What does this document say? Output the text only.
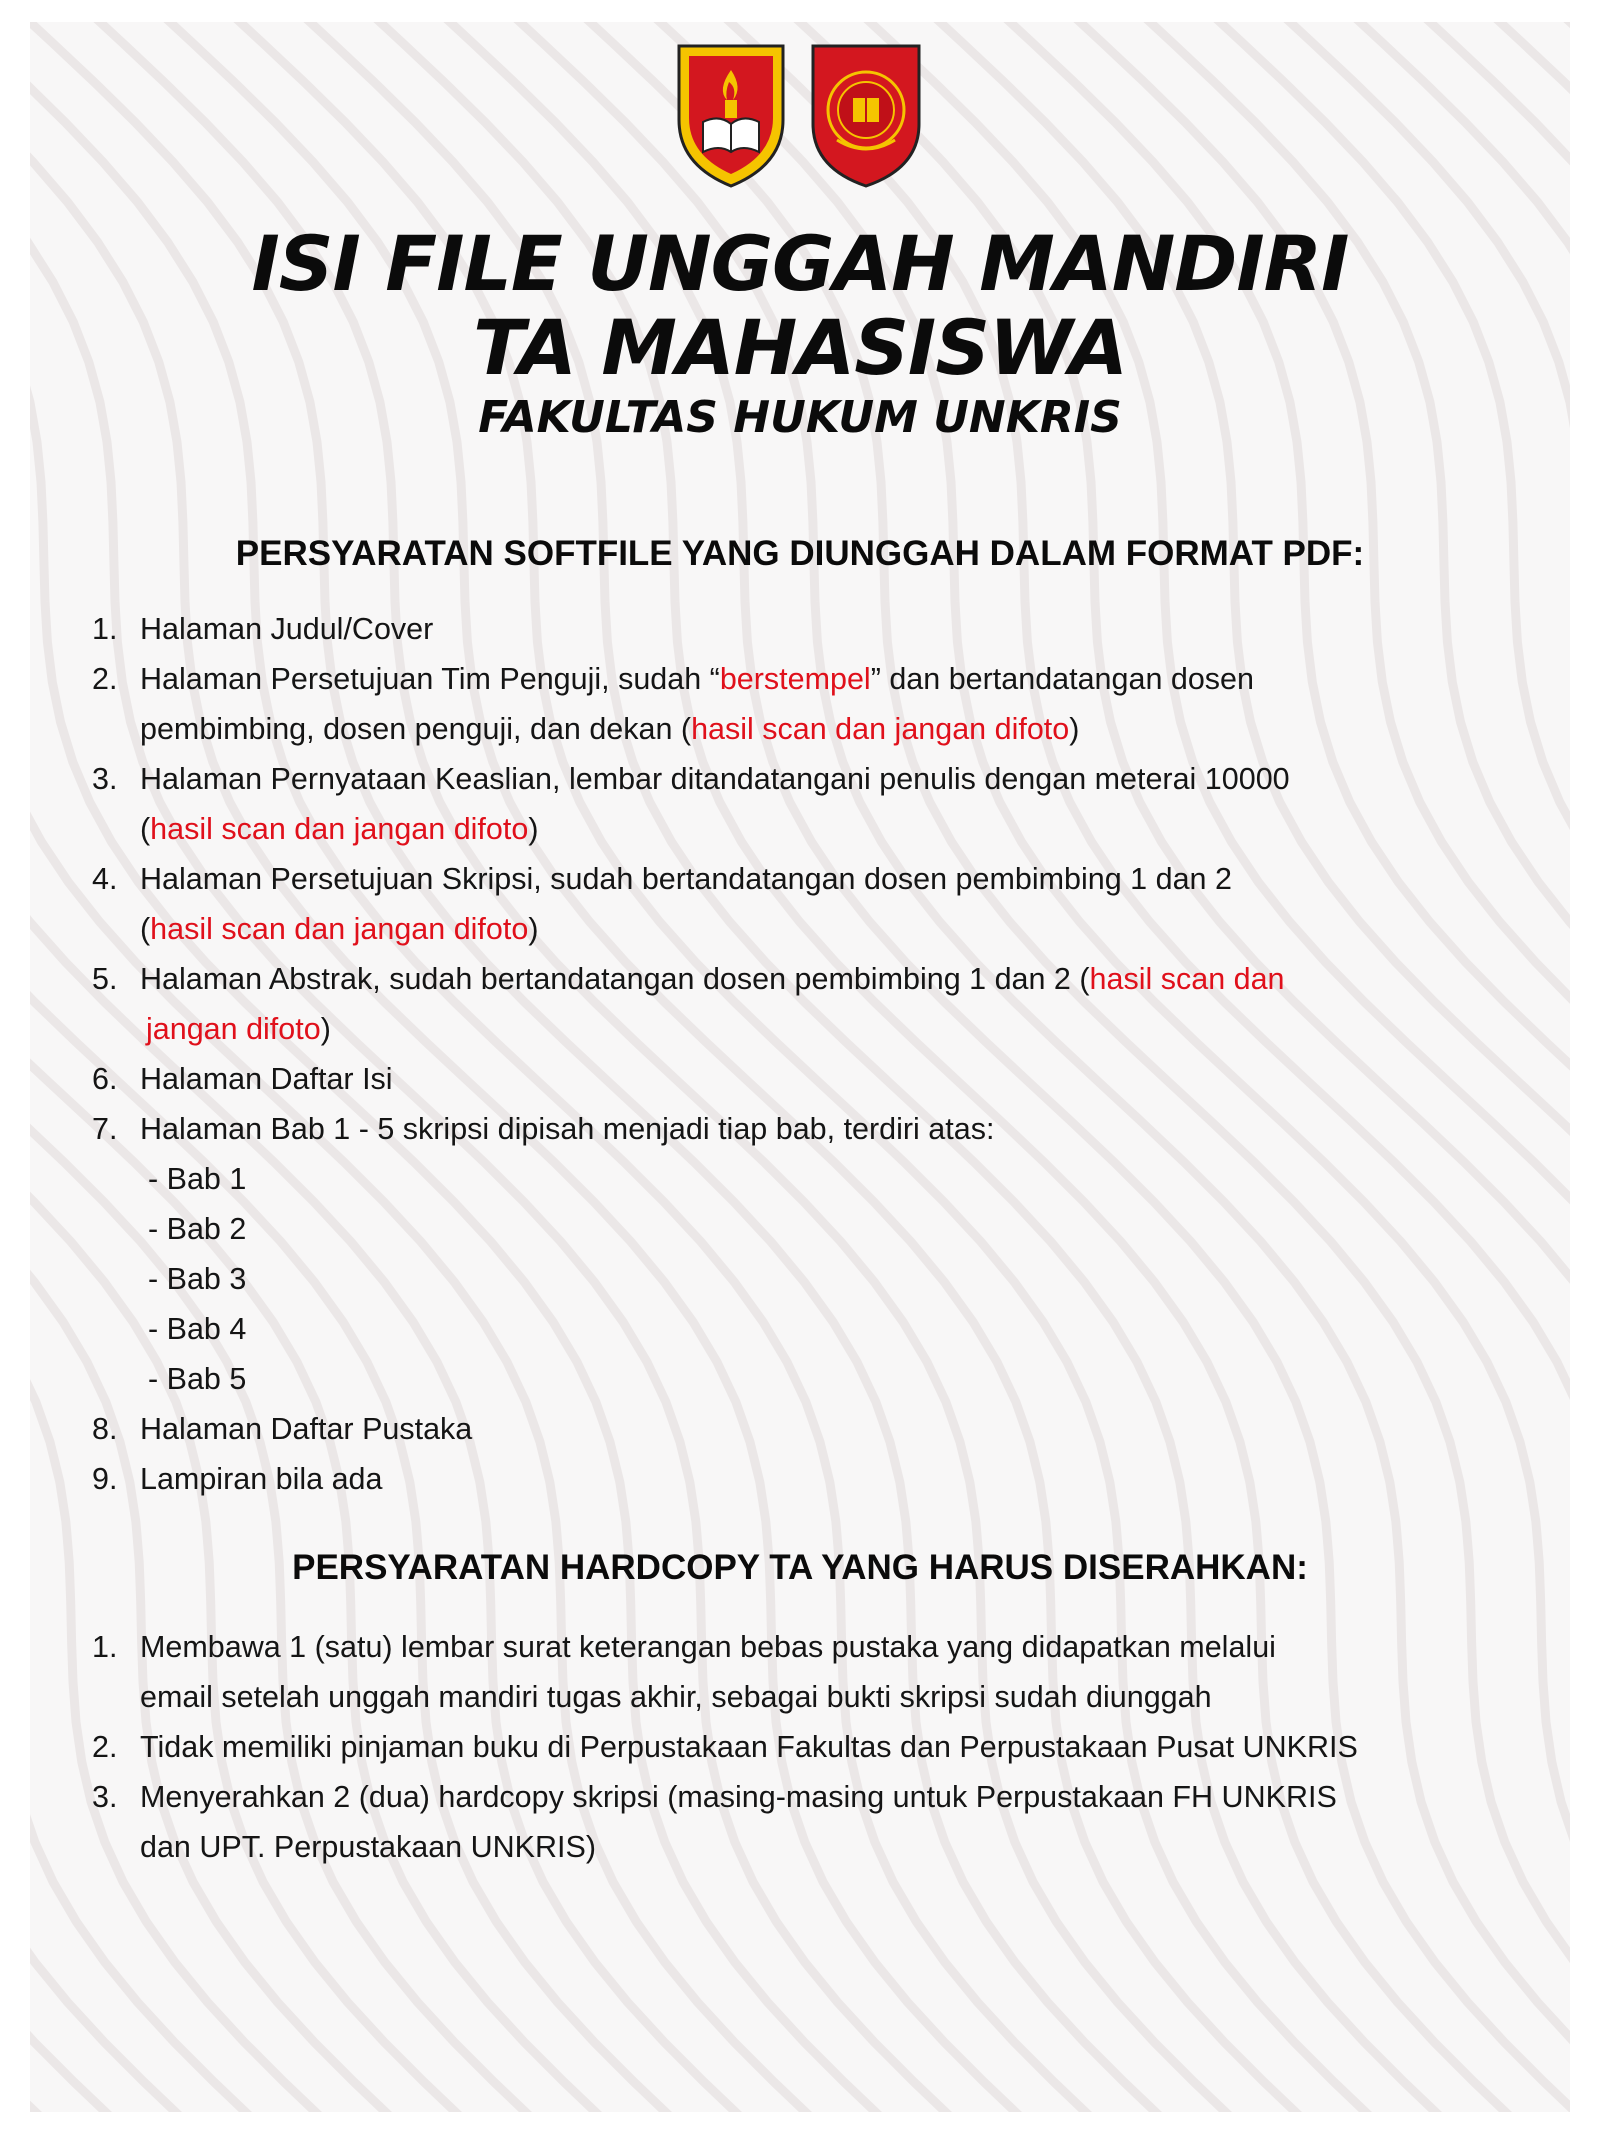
ISI FILE UNGGAH MANDIRI
TA MAHASISWA
FAKULTAS HUKUM UNKRIS
PERSYARATAN SOFTFILE YANG DIUNGGAH DALAM FORMAT PDF:
1. Halaman Judul/Cover
2. Halaman Persetujuan Tim Penguji, sudah “berstempel” dan bertandatangan dosen
pembimbing, dosen penguji, dan dekan (hasil scan dan jangan difoto)
3. Halaman Pernyataan Keaslian, lembar ditandatangani penulis dengan meterai 10000
(hasil scan dan jangan difoto)
4. Halaman Persetujuan Skripsi, sudah bertandatangan dosen pembimbing 1 dan 2
(hasil scan dan jangan difoto)
5. Halaman Abstrak, sudah bertandatangan dosen pembimbing 1 dan 2 (hasil scan dan
jangan difoto)
6. Halaman Daftar Isi
7. Halaman Bab 1 - 5 skripsi dipisah menjadi tiap bab, terdiri atas:
- Bab 1
- Bab 2
- Bab 3
- Bab 4
- Bab 5
8. Halaman Daftar Pustaka
9. Lampiran bila ada
PERSYARATAN HARDCOPY TA YANG HARUS DISERAHKAN:
1. Membawa 1 (satu) lembar surat keterangan bebas pustaka yang didapatkan melalui
email setelah unggah mandiri tugas akhir, sebagai bukti skripsi sudah diunggah
2. Tidak memiliki pinjaman buku di Perpustakaan Fakultas dan Perpustakaan Pusat UNKRIS
3. Menyerahkan 2 (dua) hardcopy skripsi (masing-masing untuk Perpustakaan FH UNKRIS
dan UPT. Perpustakaan UNKRIS)
